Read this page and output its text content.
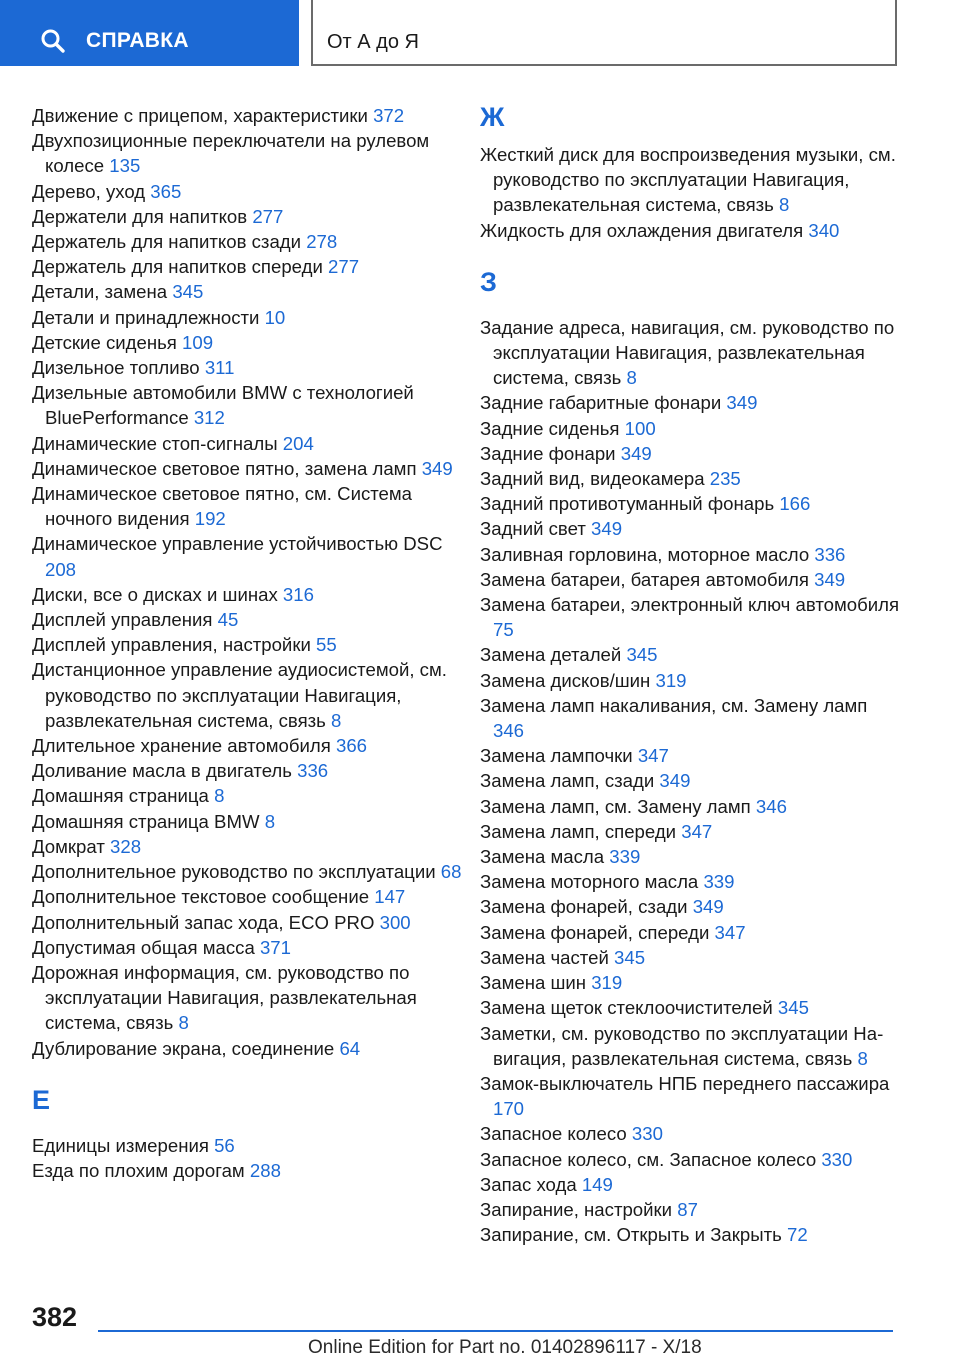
СПРАВКА	От А до Я
Движение с прицепом, характеристики 372
Двухпозиционные переключатели на рулевом колесе 135
Дерево, уход 365
Держатели для напитков 277
Держатель для напитков сзади 278
Держатель для напитков спереди 277
Детали, замена 345
Детали и принадлежности 10
Детские сиденья 109
Дизельное топливо 311
Дизельные автомобили BMW с технологией BluePerformance 312
Динамические стоп-сигналы 204
Динамическое световое пятно, замена ламп 349
Динамическое световое пятно, см. Система ночного видения 192
Динамическое управление устойчивостью DSC 208
Диски, все о дисках и шинах 316
Дисплей управления 45
Дисплей управления, настройки 55
Дистанционное управление аудиосистемой, см. руководство по эксплуатации Навигация, развлекательная система, связь 8
Длительное хранение автомобиля 366
Доливание масла в двигатель 336
Домашняя страница 8
Домашняя страница BMW 8
Домкрат 328
Дополнительное руководство по эксплуатации 68
Дополнительное текстовое сообщение 147
Дополнительный запас хода, ECO PRO 300
Допустимая общая масса 371
Дорожная информация, см. руководство по эксплуатации Навигация, развлекательная система, связь 8
Дублирование экрана, соединение 64
Е
Единицы измерения 56
Езда по плохим дорогам 288
Ж
Жесткий диск для воспроизведения музыки, см. руководство по эксплуатации Навигация, развлекательная система, связь 8
Жидкость для охлаждения двигателя 340
З
Задание адреса, навигация, см. руководство по эксплуатации Навигация, развлекательная система, связь 8
Задние габаритные фонари 349
Задние сиденья 100
Задние фонари 349
Задний вид, видеокамера 235
Задний противотуманный фонарь 166
Задний свет 349
Заливная горловина, моторное масло 336
Замена батареи, батарея автомобиля 349
Замена батареи, электронный ключ автомобиля 75
Замена деталей 345
Замена дисков/шин 319
Замена ламп накаливания, см. Замену ламп 346
Замена лампочки 347
Замена ламп, сзади 349
Замена ламп, см. Замену ламп 346
Замена ламп, спереди 347
Замена масла 339
Замена моторного масла 339
Замена фонарей, сзади 349
Замена фонарей, спереди 347
Замена частей 345
Замена шин 319
Замена щеток стеклоочистителей 345
Заметки, см. руководство по эксплуатации Навигация, развлекательная система, связь 8
Замок-выключатель НПБ переднего пассажира 170
Запасное колесо 330
Запасное колесо, см. Запасное колесо 330
Запас хода 149
Запирание, настройки 87
Запирание, см. Открыть и Закрыть 72
382
Online Edition for Part no. 01402896117 - X/18
